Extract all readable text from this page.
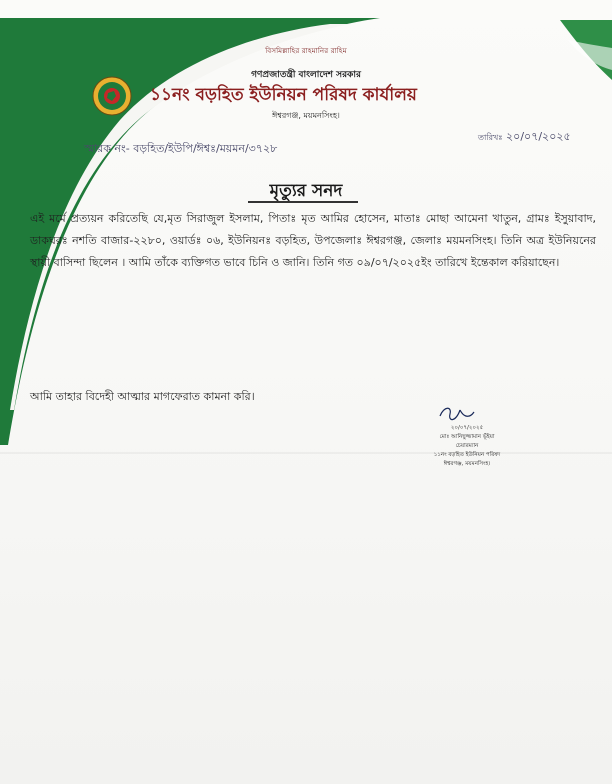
বিসমিল্লাহির রাহমানির রাহিম
গণপ্রজাতন্ত্রী বাংলাদেশ সরকার
১১নং বড়হিত ইউনিয়ন পরিষদ কার্যালয়
ঈশ্বরগঞ্জ, ময়মনসিংহ।
স্মারক নং- বড়হিত/ইউপি/ঈশ্বঃ/ময়মন/৩৭২৮
তারিখঃ ২০/০৭/২০২৫
মৃত্যুর সনদ
এই মর্মে প্রত্যয়ন করিতেছি যে,মৃত সিরাজুল ইসলাম, পিতাঃ মৃত আমির হোসেন, মাতাঃ মোছা আমেনা খাতুন, গ্রামঃ ইসুয়াবাদ, ডাকঘরঃ নশতি বাজার-২২৮০, ওয়ার্ডঃ ০৬, ইউনিয়নঃ বড়হিত, উপজেলাঃ ঈশ্বরগঞ্জ, জেলাঃ ময়মনসিংহ। তিনি অত্র ইউনিয়নের স্থায়ী বাসিন্দা ছিলেন । আমি তাঁকে ব্যক্তিগত ভাবে চিনি ও জানি। তিনি গত ০৯/০৭/২০২৫ইং তারিখে ইন্তেকাল করিয়াছেন।
আমি তাহার বিদেহী আত্মার মাগফেরাত কামনা করি।
২০/০৭/২০২৫
মোঃ আনিছুজ্জামান ভূঁইয়া
চেয়ারম্যান
১১নং বড়হিত ইউনিয়ন পরিষদ
ঈশ্বরগঞ্জ, ময়মনসিংহ।
